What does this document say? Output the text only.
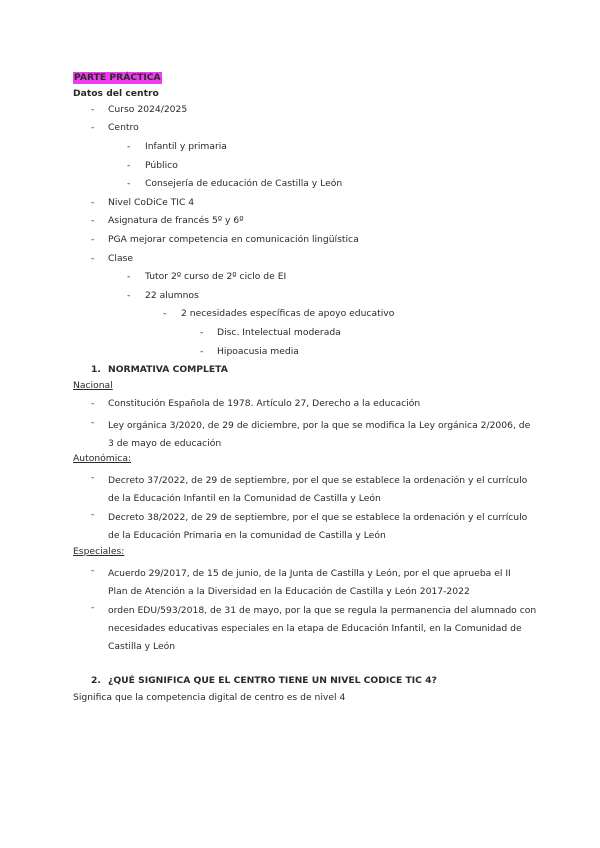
PARTE PRÁCTICA
Datos del centro
- Curso 2024/2025
- Centro
- Infantil y primaria
- Público
- Consejería de educación de Castilla y León
- Nivel CoDiCe TIC 4
- Asignatura de francés 5º y 6º
- PGA mejorar competencia en comunicación lingüística
- Clase
- Tutor 2º curso de 2º ciclo de EI
- 22 alumnos
- 2 necesidades específicas de apoyo educativo
- Disc. Intelectual moderada
- Hipoacusia media
1. NORMATIVA COMPLETA
Nacional
- Constitución Española de 1978. Artículo 27, Derecho a la educación
- Ley orgánica 3/2020, de 29 de diciembre, por la que se modifica la Ley orgánica 2/2006, de 3 de mayo de educación
Autonómica:
- Decreto 37/2022, de 29 de septiembre, por el que se establece la ordenación y el currículo de la Educación Infantil en la Comunidad de Castilla y León
- Decreto 38/2022, de 29 de septiembre, por el que se establece la ordenación y el currículo de la Educación Primaria en la comunidad de Castilla y León
Especiales:
- Acuerdo 29/2017, de 15 de junio, de la Junta de Castilla y León, por el que aprueba el II Plan de Atención a la Diversidad en la Educación de Castilla y León 2017-2022
- orden EDU/593/2018, de 31 de mayo, por la que se regula la permanencia del alumnado con necesidades educativas especiales en la etapa de Educación Infantil, en la Comunidad de Castilla y León
2. ¿QUÉ SIGNIFICA QUE EL CENTRO TIENE UN NIVEL CODICE TIC 4?
Significa que la competencia digital de centro es de nivel 4
